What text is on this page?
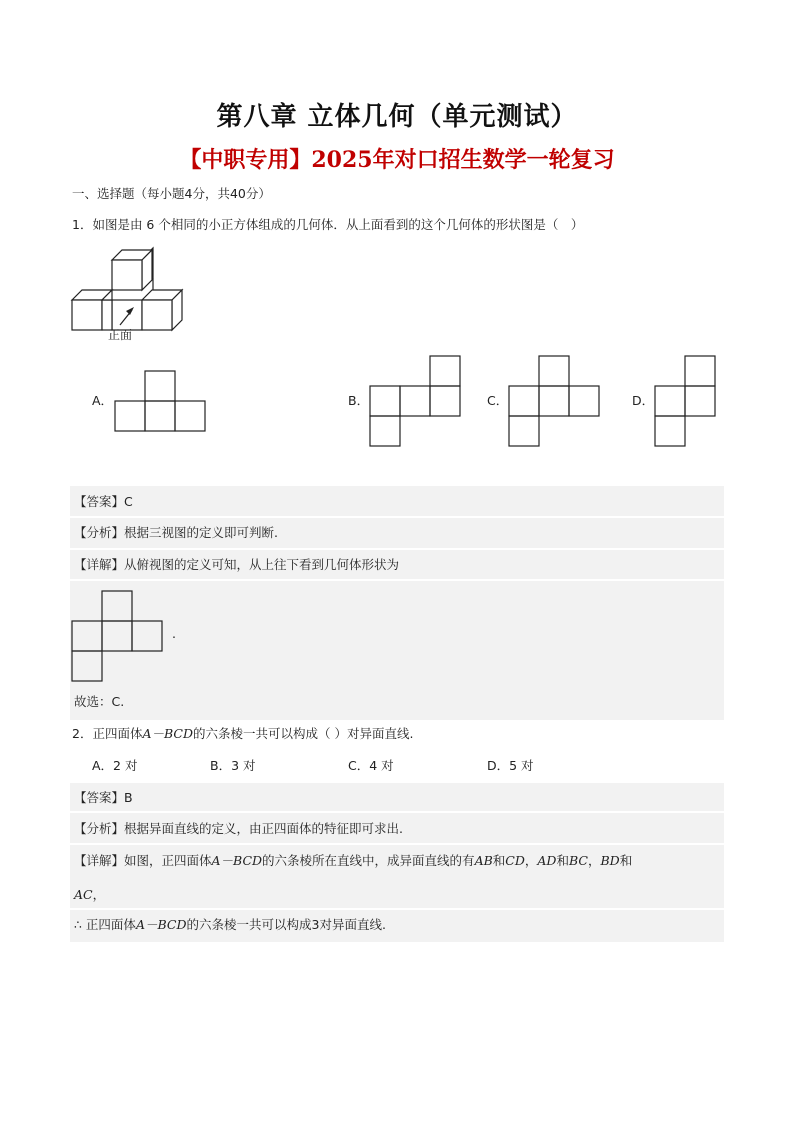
第八章 立体几何（单元测试）
【中职专用】2025年对口招生数学一轮复习
一、选择题（每小题4分，共40分）
1．如图是由 6 个相同的小正方体组成的几何体．从上面看到的这个几何体的形状图是（　）
正面
A．	B．	C．	D．
【答案】C
【分析】根据三视图的定义即可判断.
【详解】从俯视图的定义可知，从上往下看到几何体形状为
.
故选：C.
2．正四面体A－BCD的六条棱一共可以构成（ ）对异面直线.
A．2 对	B．3 对	C．4 对	D．5 对
【答案】B
【分析】根据异面直线的定义，由正四面体的特征即可求出.
【详解】如图，正四面体A－BCD的六条棱所在直线中，成异面直线的有AB和CD，AD和BC，BD和
AC，
∴ 正四面体A－BCD的六条棱一共可以构成3对异面直线.
